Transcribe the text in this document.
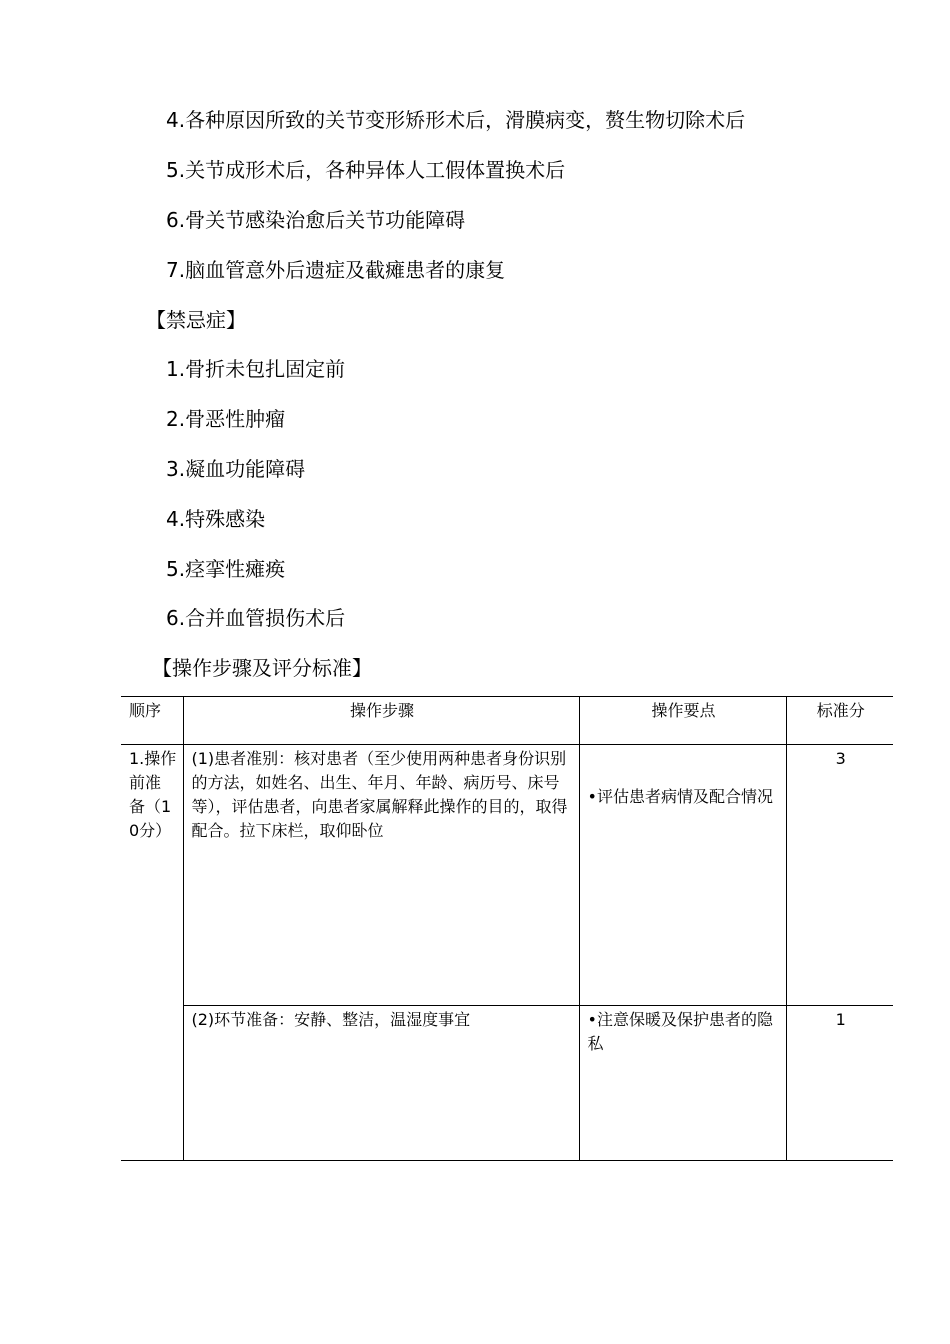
4.各种原因所致的关节变形矫形术后，滑膜病变，赘生物切除术后
5.关节成形术后，各种异体人工假体置换术后
6.骨关节感染治愈后关节功能障碍
7.脑血管意外后遗症及截瘫患者的康复
【禁忌症】
1.骨折未包扎固定前
2.骨恶性肿瘤
3.凝血功能障碍
4.特殊感染
5.痉挛性瘫痪
6.合并血管损伤术后
【操作步骤及评分标准】
顺序	操作步骤	操作要点	标准分
1.操作前准备（10分）	(1)患者准别：核对患者（至少使用两种患者身份识别的方法，如姓名、出生、年月、年龄、病历号、床号等），评估患者，向患者家属解释此操作的目的，取得配合。拉下床栏，取仰卧位	•评估患者病情及配合情况	3
	(2)环节准备：安静、整洁，温湿度事宜	•注意保暖及保护患者的隐私	1
